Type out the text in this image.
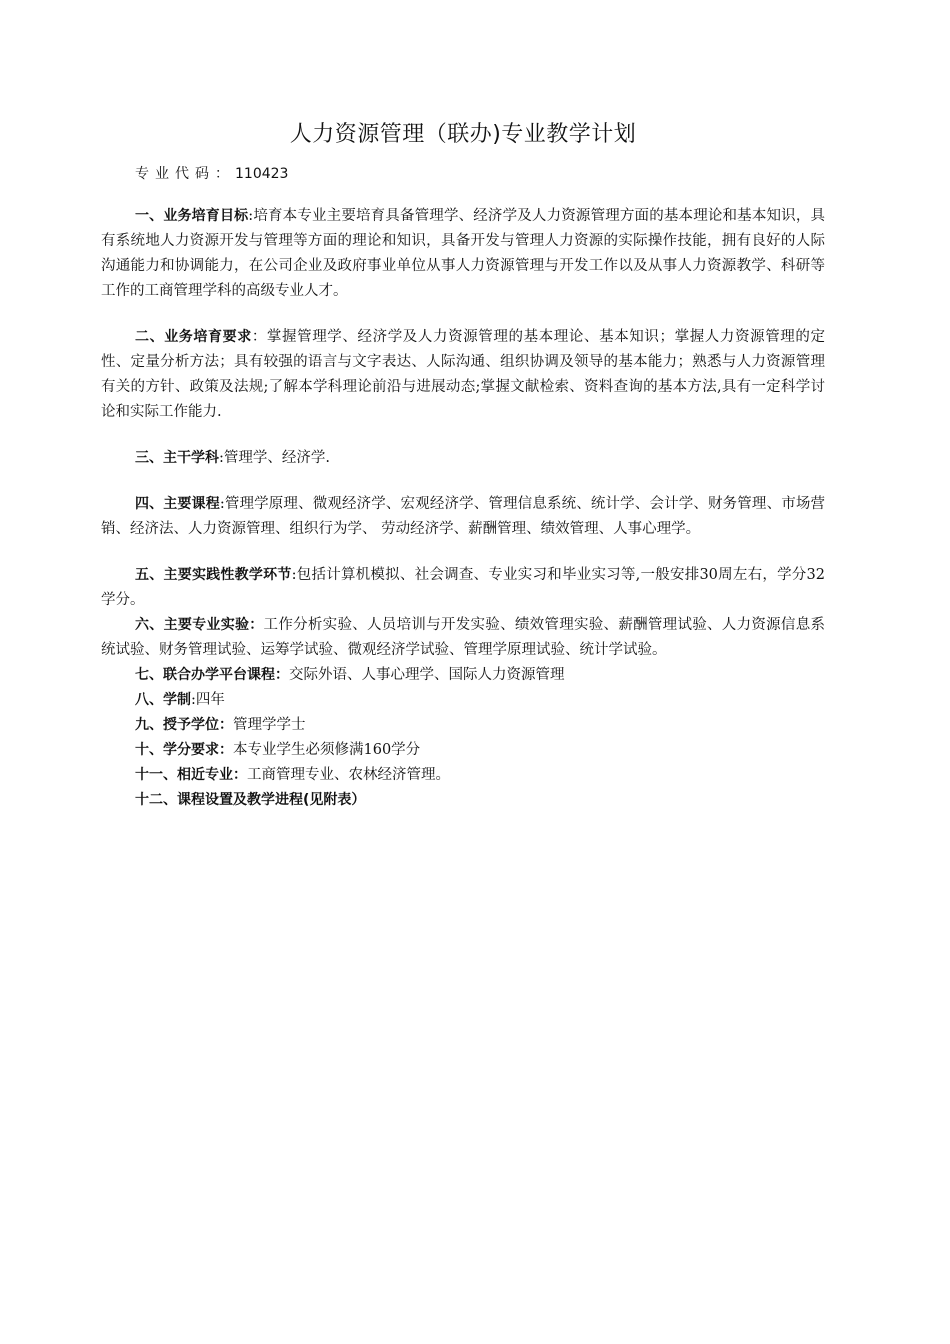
人力资源管理（联办)专业教学计划
专业代码：110423

一、业务培育目标:培育本专业主要培育具备管理学、经济学及人力资源管理方面的基本理论和基本知识，具有系统地人力资源开发与管理等方面的理论和知识，具备开发与管理人力资源的实际操作技能，拥有良好的人际沟通能力和协调能力，在公司企业及政府事业单位从事人力资源管理与开发工作以及从事人力资源教学、科研等工作的工商管理学科的高级专业人才。

二、业务培育要求：掌握管理学、经济学及人力资源管理的基本理论、基本知识；掌握人力资源管理的定性、定量分析方法；具有较强的语言与文字表达、人际沟通、组织协调及领导的基本能力；熟悉与人力资源管理有关的方针、政策及法规;了解本学科理论前沿与进展动态;掌握文献检索、资料查询的基本方法,具有一定科学讨论和实际工作能力.

三、主干学科:管理学、经济学.

四、主要课程:管理学原理、微观经济学、宏观经济学、管理信息系统、统计学、会计学、财务管理、市场营销、经济法、人力资源管理、组织行为学、 劳动经济学、薪酬管理、绩效管理、人事心理学。

五、主要实践性教学环节:包括计算机模拟、社会调查、专业实习和毕业实习等,一般安排30周左右，学分32学分。

六、主要专业实验：工作分析实验、人员培训与开发实验、绩效管理实验、薪酬管理试验、人力资源信息系统试验、财务管理试验、运筹学试验、微观经济学试验、管理学原理试验、统计学试验。

七、联合办学平台课程：交际外语、人事心理学、国际人力资源管理

八、学制:四年

九、授予学位：管理学学士

十、学分要求：本专业学生必须修满160学分

十一、相近专业：工商管理专业、农林经济管理。

十二、课程设置及教学进程(见附表）
